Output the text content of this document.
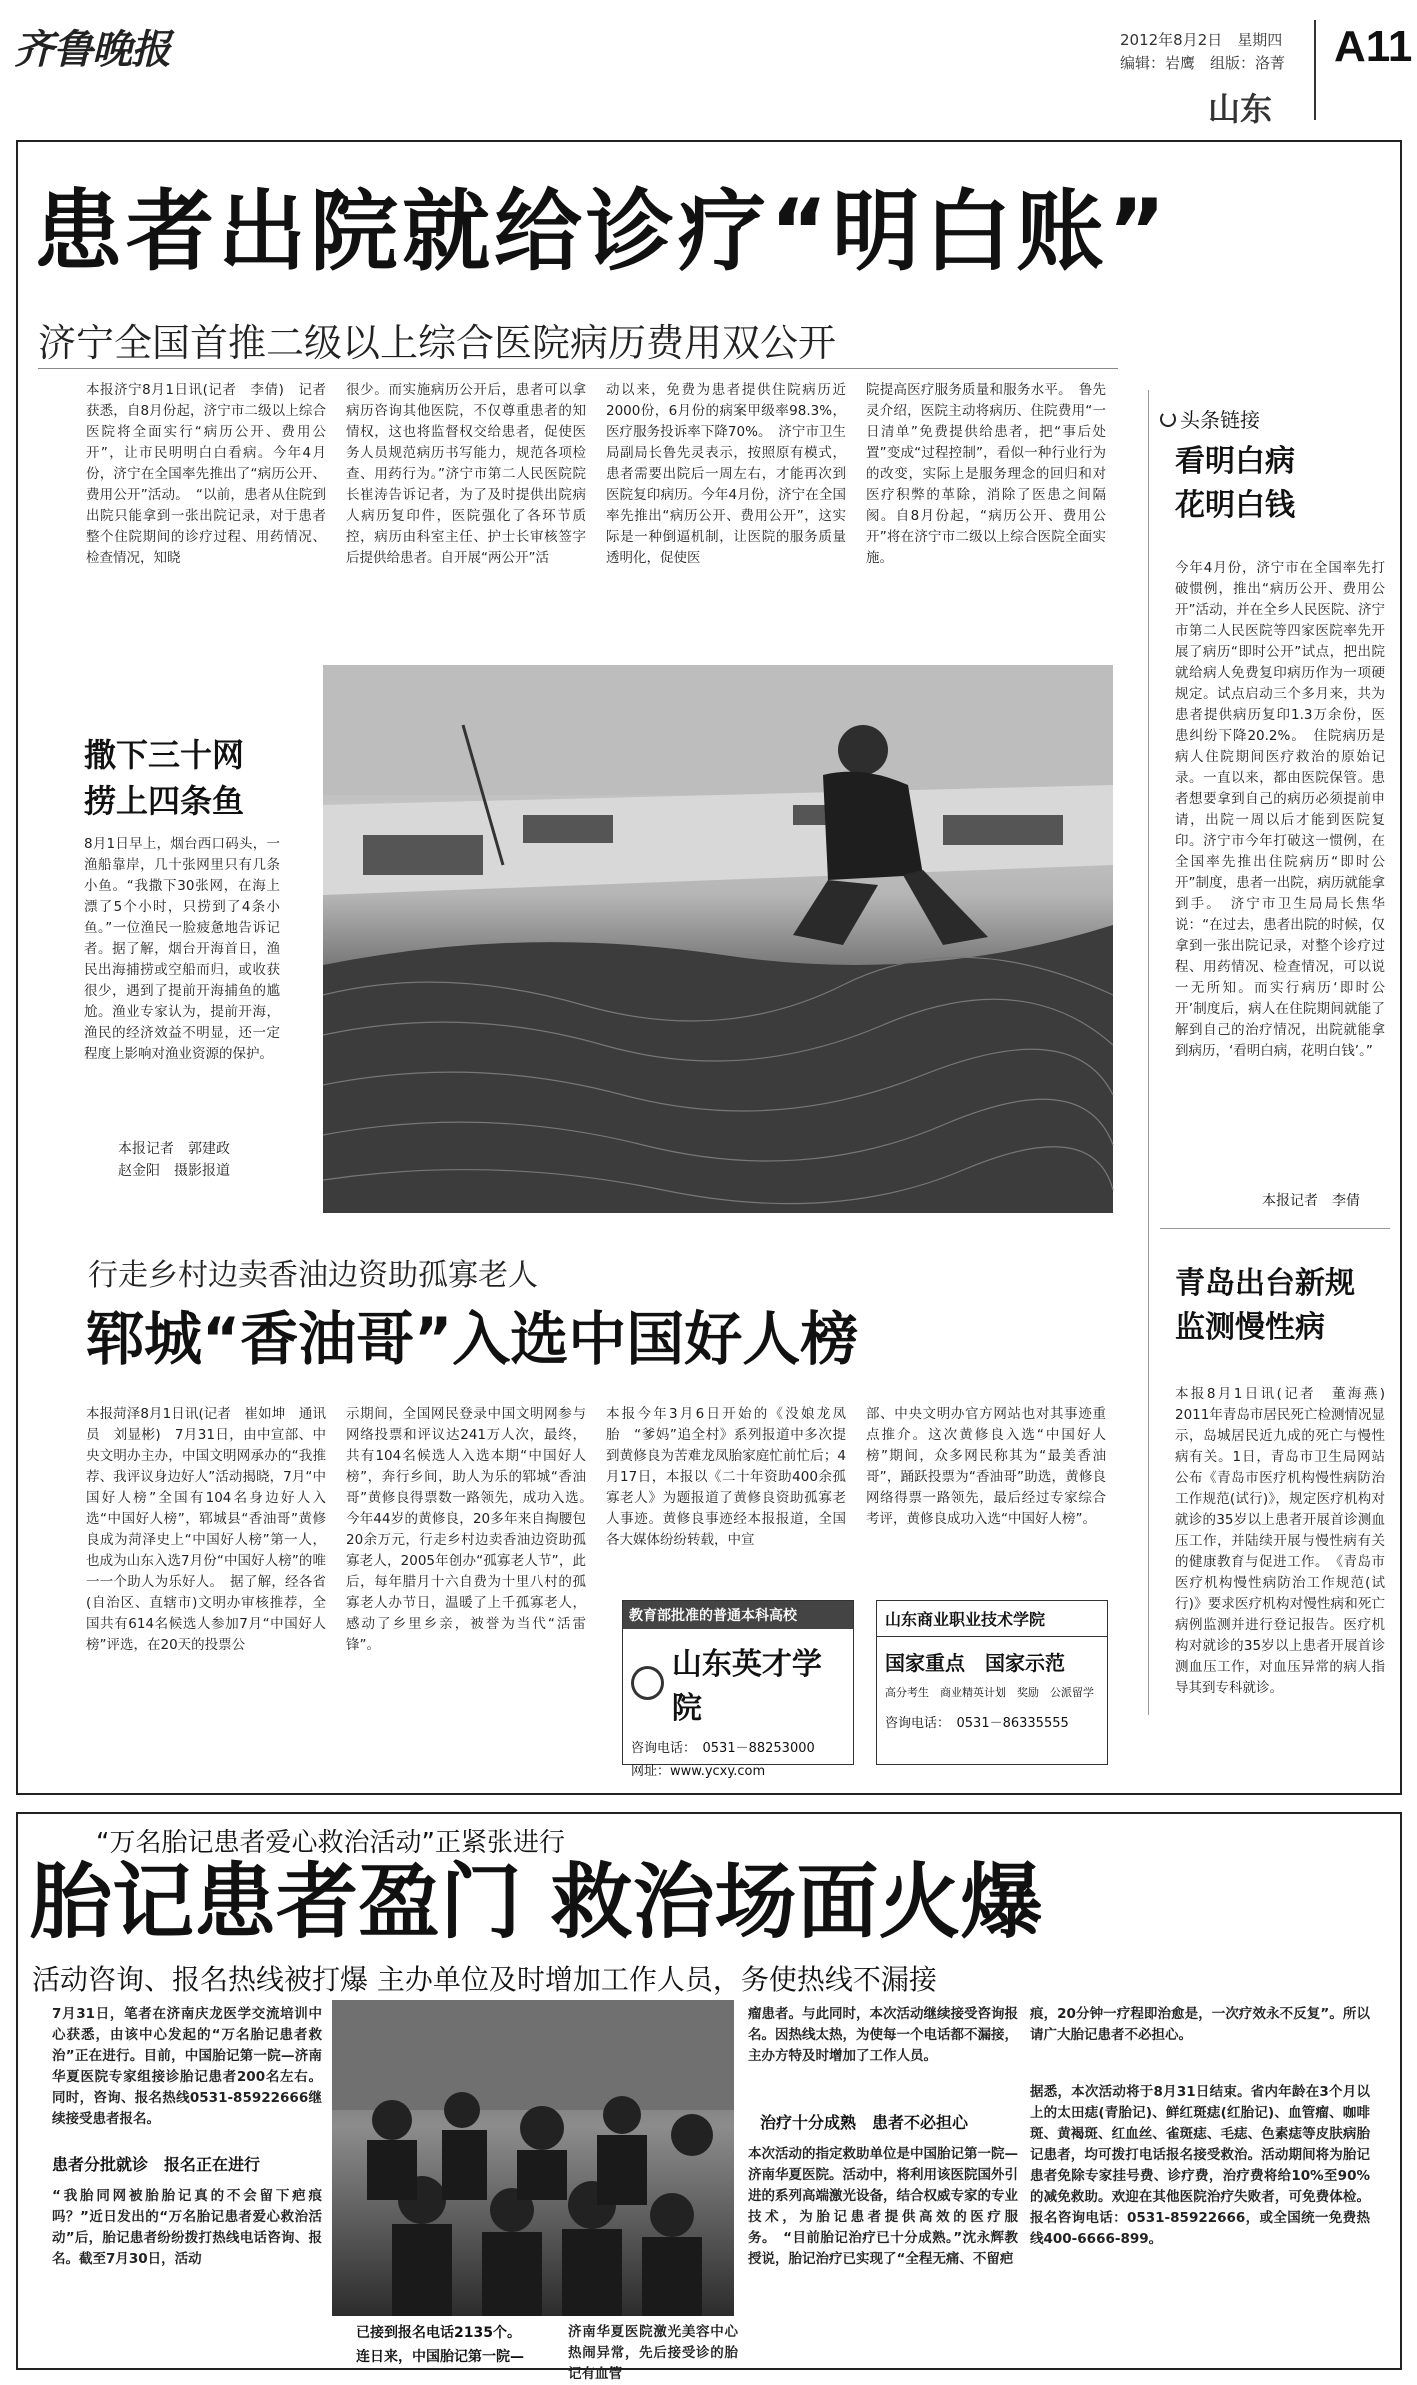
齐鲁晚报	2012年8月2日　星期四
编辑：岩鹰　组版：洛菁 A11
山东
患者出院就给诊疗“明白账”
济宁全国首推二级以上综合医院病历费用双公开
本报济宁8月1日讯(记者　李倩)　记者获悉，自8月份起，济宁市二级以上综合医院将全面实行“病历公开、费用公开”，让市民明明白白看病。今年4月份，济宁在全国率先推出了“病历公开、费用公开”活动。　“以前，患者从住院到出院只能拿到一张出院记录，对于患者整个住院期间的诊疗过程、用药情况、检查情况，知晓
很少。而实施病历公开后，患者可以拿病历咨询其他医院，不仅尊重患者的知情权，这也将监督权交给患者，促使医务人员规范病历书写能力，规范各项检查、用药行为。”济宁市第二人民医院院长崔涛告诉记者，为了及时提供出院病人病历复印件，医院强化了各环节质控，病历由科室主任、护士长审核签字后提供给患者。自开展“两公开”活
动以来，免费为患者提供住院病历近2000份，6月份的病案甲级率98.3%，医疗服务投诉率下降70%。　济宁市卫生局副局长鲁先灵表示，按照原有模式，患者需要出院后一周左右，才能再次到医院复印病历。今年4月份，济宁在全国率先推出“病历公开、费用公开”，这实际是一种倒逼机制，让医院的服务质量透明化，促使医
院提高医疗服务质量和服务水平。　鲁先灵介绍，医院主动将病历、住院费用“一日清单”免费提供给患者，把“事后处置”变成“过程控制”，看似一种行业行为的改变，实际上是服务理念的回归和对医疗积弊的革除，消除了医患之间隔阂。自8月份起，“病历公开、费用公开”将在济宁市二级以上综合医院全面实施。
撒下三十网
捞上四条鱼
8月1日早上，烟台西口码头，一渔船靠岸，几十张网里只有几条小鱼。“我撒下30张网，在海上漂了5个小时，只捞到了4条小鱼。”一位渔民一脸疲惫地告诉记者。据了解，烟台开海首日，渔民出海捕捞或空船而归，或收获很少，遇到了提前开海捕鱼的尴尬。渔业专家认为，提前开海，渔民的经济效益不明显，还一定程度上影响对渔业资源的保护。
本报记者　郭建政
赵金阳　摄影报道
行走乡村边卖香油边资助孤寡老人
郓城“香油哥”入选中国好人榜
本报菏泽8月1日讯(记者　崔如坤　通讯员　刘显彬)　7月31日，由中宣部、中央文明办主办，中国文明网承办的“我推荐、我评议身边好人”活动揭晓，7月“中国好人榜”全国有104名身边好人入选“中国好人榜”，郓城县“香油哥”黄修良成为菏泽史上“中国好人榜”第一人，也成为山东入选7月份“中国好人榜”的唯一一个助人为乐好人。　据了解，经各省(自治区、直辖市)文明办审核推荐，全国共有614名候选人参加7月“中国好人榜”评选，在20天的投票公
示期间，全国网民登录中国文明网参与网络投票和评议达241万人次，最终，共有104名候选人入选本期“中国好人榜”，奔行乡间，助人为乐的郓城“香油哥”黄修良得票数一路领先，成功入选。　今年44岁的黄修良，20多年来自掏腰包20余万元，行走乡村边卖香油边资助孤寡老人，2005年创办“孤寡老人节”，此后，每年腊月十六自费为十里八村的孤寡老人办节日，温暖了上千孤寡老人，感动了乡里乡亲，被誉为当代“活雷锋”。
本报今年3月6日开始的《没娘龙凤胎　“爹妈”追全村》系列报道中多次提到黄修良为苦难龙凤胎家庭忙前忙后；4月17日，本报以《二十年资助400余孤寡老人》为题报道了黄修良资助孤寡老人事迹。黄修良事迹经本报报道，全国各大媒体纷纷转载，中宣
部、中央文明办官方网站也对其事迹重点推介。这次黄修良入选“中国好人榜”期间，众多网民称其为“最美香油哥”，踊跃投票为“香油哥”助选，黄修良网络得票一路领先，最后经过专家综合考评，黄修良成功入选“中国好人榜”。
教育部批准的普通本科高校
山东英才学院
咨询电话：　0531－88253000
网址：www.ycxy.com
山东商业职业技术学院
国家重点　国家示范
高分考生　商业精英计划　奖励　公派留学
咨询电话：　0531－86335555
头条链接
看明白病
花明白钱
今年4月份，济宁市在全国率先打破惯例，推出“病历公开、费用公开”活动，并在全乡人民医院、济宁市第二人民医院等四家医院率先开展了病历“即时公开”试点，把出院就给病人免费复印病历作为一项硬规定。试点启动三个多月来，共为患者提供病历复印1.3万余份，医患纠纷下降20.2%。　住院病历是病人住院期间医疗救治的原始记录。一直以来，都由医院保管。患者想要拿到自己的病历必须提前申请，出院一周以后才能到医院复印。济宁市今年打破这一惯例，在全国率先推出住院病历“即时公开”制度，患者一出院，病历就能拿到手。　济宁市卫生局局长焦华说：“在过去，患者出院的时候，仅拿到一张出院记录，对整个诊疗过程、用药情况、检查情况，可以说一无所知。而实行病历‘即时公开’制度后，病人在住院期间就能了解到自己的治疗情况，出院就能拿到病历，‘看明白病，花明白钱’。”
本报记者　李倩
青岛出台新规
监测慢性病
本报8月1日讯(记者　董海燕)　2011年青岛市居民死亡检测情况显示，岛城居民近九成的死亡与慢性病有关。1日，青岛市卫生局网站公布《青岛市医疗机构慢性病防治工作规范(试行)》，规定医疗机构对就诊的35岁以上患者开展首诊测血压工作，并陆续开展与慢性病有关的健康教育与促进工作。　《青岛市医疗机构慢性病防治工作规范(试行)》要求医疗机构对慢性病和死亡病例监测并进行登记报告。医疗机构对就诊的35岁以上患者开展首诊测血压工作，对血压异常的病人指导其到专科就诊。
“万名胎记患者爱心救治活动”正紧张进行
胎记患者盈门 救治场面火爆
活动咨询、报名热线被打爆 主办单位及时增加工作人员，务使热线不漏接
7月31日，笔者在济南庆龙医学交流培训中心获悉，由该中心发起的“万名胎记患者救治”正在进行。目前，中国胎记第一院—济南华夏医院专家组接诊胎记患者200名左右。同时，咨询、报名热线0531-85922666继续接受患者报名。
患者分批就诊　报名正在进行
“我胎同网被胎胎记真的不会留下疤痕吗？”近日发出的“万名胎记患者爱心救治活动”后，胎记患者纷纷拨打热线电话咨询、报名。截至7月30日，活动
已接到报名电话2135个。
连日来，中国胎记第一院—
济南华夏医院激光美容中心热闹异常，先后接受诊的胎记有血管
瘤患者。与此同时，本次活动继续接受咨询报名。因热线太热，为使每一个电话都不漏接，主办方特及时增加了工作人员。
治疗十分成熟　患者不必担心
本次活动的指定救助单位是中国胎记第一院—济南华夏医院。活动中，将利用该医院国外引进的系列高端激光设备，结合权威专家的专业技术，为胎记患者提供高效的医疗服务。　“目前胎记治疗已十分成熟。”沈永辉教授说，胎记治疗已实现了“全程无痛、不留疤
痕，20分钟一疗程即治愈是，一次疗效永不反复”。所以请广大胎记患者不必担心。
据悉，本次活动将于8月31日结束。省内年龄在3个月以上的太田痣(青胎记)、鲜红斑痣(红胎记)、血管瘤、咖啡斑、黄褐斑、红血丝、雀斑痣、毛痣、色素痣等皮肤病胎记患者，均可拨打电话报名接受救治。活动期间将为胎记患者免除专家挂号费、诊疗费，治疗费将给10%至90%的减免救助。欢迎在其他医院治疗失败者，可免费体检。报名咨询电话：0531-85922666，或全国统一免费热线400-6666-899。
